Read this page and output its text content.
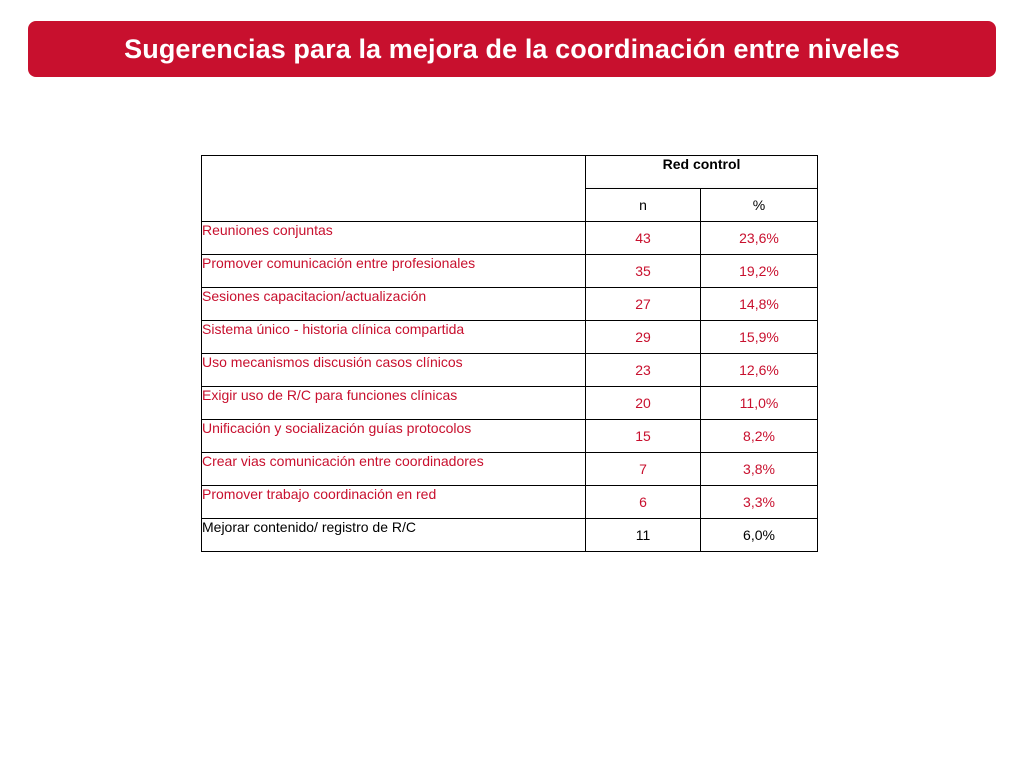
Sugerencias para la mejora de la coordinación entre niveles
	Red control	
	n	%
Reuniones conjuntas	43	23,6%
Promover comunicación entre profesionales	35	19,2%
Sesiones capacitacion/actualización	27	14,8%
Sistema único - historia clínica compartida	29	15,9%
Uso mecanismos discusión casos clínicos	23	12,6%
Exigir uso de R/C para funciones clínicas	20	11,0%
Unificación y socialización guías protocolos	15	8,2%
Crear vias comunicación entre coordinadores	7	3,8%
Promover trabajo coordinación en red	6	3,3%
Mejorar contenido/ registro de R/C	11	6,0%
